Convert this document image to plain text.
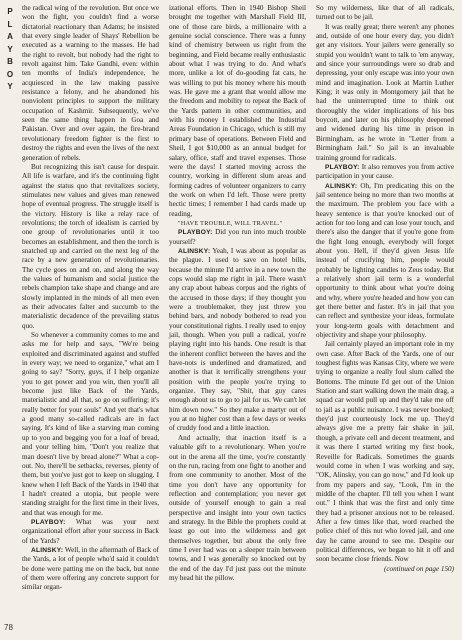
P
L
A
Y
B
O
Y

the radical wing of the revolution. But once we won the fight, you couldn't find a worse dictatorial reactionary than Adams; he insisted that every single leader of Shays' Rebellion be executed as a warning to the masses. He had the right to revolt, but nobody had the right to revolt against him. Take Gandhi, even: within ten months of India's independence, he acquiesced in the law making passive resistance a felony, and he abandoned his nonviolent principles to support the military occupation of Kashmir. Subsequently, we've seen the same thing happen in Goa and Pakistan. Over and over again, the fire-brand revolutionary freedom fighter is the first to destroy the rights and even the lives of the next generation of rebels.

But recognizing this isn't cause for despair. All life is warfare, and it's the continuing fight against the status quo that revitalizes society, stimulates new values and gives man renewed hope of eventual progress. The struggle itself is the victory. History is like a relay race of revolutions; the torch of idealism is carried by one group of revolutionaries until it too becomes an establishment, and then the torch is snatched up and carried on the next leg of the race by a new generation of revolutionaries. The cycle goes on and on, and along the way the values of humanism and social justice the rebels champion take shape and change and are slowly implanted in the minds of all men even as their advocates falter and succumb to the materialistic decadence of the prevailing status quo.

So whenever a community comes to me and asks me for help and says, "We're being exploited and discriminated against and stuffed in every way; we need to organize," what am I going to say? "Sorry, guys, if I help organize you to get power and you win, then you'll all become just like Back of the Yards, materialistic and all that, so go on suffering; it's really better for your souls" And yet that's what a good many so-called radicals are in fact saying. It's kind of like a starving man coming up to you and begging you for a loaf of bread, and your telling him, "Don't you realize that man doesn't live by bread alone?" What a cop-out. No, there'll be setbacks, reverses, plenty of them, but you've just got to keep on slugging. I knew when I left Back of the Yards in 1940 that I hadn't created a utopia, but people were standing straight for the first time in their lives, and that was enough for me.

PLAYBOY: What was your next organizational effort after your success in Back of the Yards?

ALINSKY: Well, in the aftermath of Back of the Yards, a lot of people who'd said it couldn't be done were patting me on the back, but none of them were offering any concrete support for similar organ-

izational efforts. Then in 1940 Bishop Sheil brought me together with Marshall Field III, one of those rare birds, a millionaire with a genuine social conscience. There was a funny kind of chemistry between us right from the beginning, and Field became really enthusiastic about what I was trying to do. And what's more, unlike a lot of do-gooding fat cats, he was willing to put his money where his mouth was. He gave me a grant that would allow me the freedom and mobility to repeat the Back of the Yards pattern in other communities, and with his money I established the Industrial Areas Foundation in Chicago, which is still my primary base of operations. Between Field and Sheil, I got $10,000 as an annual budget for salary, office, staff and travel expenses. Those were the days! I started moving across the country, working in different slum areas and forming cadres of volunteer organizers to carry the work on when I'd left. Those were pretty hectic times; I remember I had cards made up reading,

"HAVE TROUBLE, WILL TRAVEL."

PLAYBOY: Did you run into much trouble yourself?

ALINSKY: Yeah, I was about as popular as the plague. I used to save on hotel bills, because the minute I'd arrive in a new town the cops would slap me right in jail. There wasn't any crap about habeas corpus and the rights of the accused in those days; if they thought you were a troublemaker, they just threw you behind bars, and nobody bothered to read you your constitutional rights. I really used to enjoy jail, though. When you pull a radical, you're playing right into his hands. One result is that the inherent conflict between the haves and the have-nots is underlined and dramatized, and another is that it terrifically strengthens your position with the people you're trying to organize. They say, "Shit, that guy cares enough about us to go to jail for us. We can't let him down now." So they make a martyr out of you at no higher cost than a few days or weeks of cruddy food and a little inaction.

And actually, that inaction itself is a valuable gift to a revolutionary. When you're out in the arena all the time, you're constantly on the run, racing from one fight to another and from one community to another. Most of the time you don't have any opportunity for reflection and contemplation; you never get outside of yourself enough to gain a real perspective and insight into your own tactics and strategy. In the Bible the prophets could at least go out into the wilderness and get themselves together, but about the only free time I ever had was on a sleeper train between towns, and I was generally so knocked out by the end of the day I'd just pass out the minute my head hit the pillow.

So my wilderness, like that of all radicals, turned out to be jail.

It was really great; there weren't any phones and, outside of one hour every day, you didn't get any visitors. Your jailers were generally so stupid you wouldn't want to talk to 'em anyway, and since your surroundings were so drab and depressing, your only escape was into your own mind and imagination. Look at Martin Luther King; it was only in Montgomery jail that he had the uninterrupted time to think out thoroughly the wider implications of his bus boycott, and later on his philosophy deepened and widened during his time in prison in Birmingham, as he wrote in "Letter from a Birmingham Jail." So jail is an invaluable training ground for radicals.

PLAYBOY: It also removes you from active participation in your cause.

ALINSKY: Oh, I'm predicating this on the jail sentence being no more than two months at the maximum. The problem you face with a heavy sentence is that you're knocked out of action for too long and can lose your touch, and there's also the danger that if you're gone from the fight long enough, everybody will forget about you. Hell, if they'd given Jesus life instead of crucifying him, people would probably be lighting candles to Zeus today. But a relatively short jail term is a wonderful opportunity to think about what you're doing and why, where you're headed and how you can get there better and faster. It's in jail that you can reflect and synthesize your ideas, formulate your long-term goals with detachment and objectivity and shape your philosophy.

Jail certainly played an important role in my own case. After Back of the Yards, one of our toughest fights was Kansas City, where we were trying to organize a really foul slum called the Bottoms. The minute I'd get out of the Union Station and start walking down the main drag, a squad car would pull up and they'd take me off to jail as a public nuisance. I was never booked; they'd just courteously lock me up. They'd always give me a pretty fair shake in jail, though, a private cell and decent treatment, and it was there I started writing my first book, Reveille for Radicals. Sometimes the guards would come in when I was working and say, "OK, Alinsky, you can go now," and I'd look up from my papers and say, "Look, I'm in the middle of the chapter. I'll tell you when I want out." I think that was the first and only time they had a prisoner anxious not to be released. After a few times like that, word reached the police chief of this nut who loved jail, and one day he came around to see me. Despite our political differences, we began to hit it off and soon became close friends. Now

(continued on page 150)

78
